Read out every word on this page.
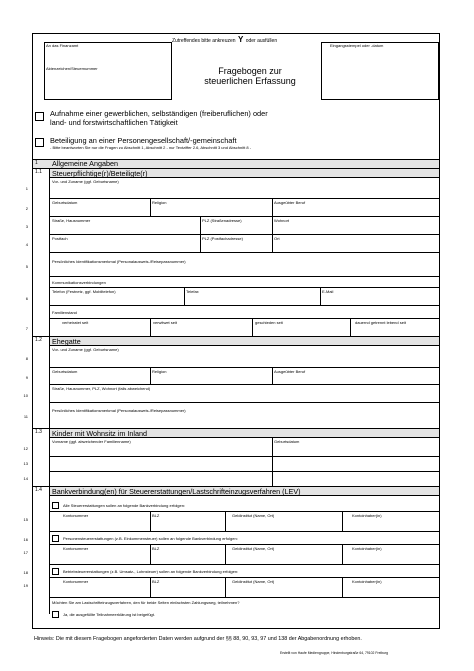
Zutreffendes bitte ankreuzen Y oder ausfüllen
An das Finanzamt
Aktenzeichen/Steuernummer
Eingangsstempel oder -datum
Fragebogen zur
steuerlichen Erfassung
Aufnahme einer gewerblichen, selbständigen (freiberuflichen) oder
land- und forstwirtschaftlichen Tätigkeit
Beteiligung an einer Personengesellschaft/-gemeinschaft
- Bitte beantworten Sie nur die Fragen zu Abschnitt 1, Abschnitt 2 - nur Textziffer 2.6, Abschnitt 3 und Abschnitt 8 -
1 Allgemeine Angaben
1.1 Steuerpflichtige(r)/Beteiligte(r)
Vor- und Zuname (ggf. Geburtsname)
Geburtsdatum	Religion	Ausgeübter Beruf
Straße, Hausnummer	PLZ (Straßenadresse)	Wohnort
Postfach	PLZ (Postfachadresse)	Ort
Persönliches Identifikationsmerkmal (Personalausweis-/Reisepassnummer)
Kommunikationsverbindungen
Telefon (Festnetz, ggf. Mobiltelefon)	Telefax	E-Mail
Familienstand
verheiratet seit	verwitwet seit	geschieden seit	dauernd getrennt lebend seit
1.2 Ehegatte
Vor- und Zuname (ggf. Geburtsname)
Geburtsdatum	Religion	Ausgeübter Beruf
Straße, Hausnummer, PLZ, Wohnort (falls abweichend)
Persönliches Identifikationsmerkmal (Personalausweis-/Reisepassnummer)
1.3 Kinder mit Wohnsitz im Inland
Vorname (ggf. abweichender Familienname)	Geburtsdatum
1.4 Bankverbindung(en) für Steuererstattungen/Lastschrifteinzugsverfahren (LEV)
Alle Steuererstattungen sollen an folgende Bankverbindung erfolgen:
Kontonummer	BLZ	Geldinstitut (Name, Ort)	Kontoinhaber(in)
Personensteuererstattungen (z.B. Einkommensteuer) sollen an folgende Bankverbindung erfolgen:
Kontonummer	BLZ	Geldinstitut (Name, Ort)	Kontoinhaber(in)
Betriebsteuererstattungen (z.B. Umsatz-, Lohnsteuer) sollen an folgende Bankverbindung erfolgen:
Kontonummer	BLZ	Geldinstitut (Name, Ort)	Kontoinhaber(in)
Möchten Sie am Lastschrifteinzugsverfahren, den für beide Seiten einfachsten Zahlungsweg, teilnehmen?
Ja, die ausgefüllte Teilnahmeerklärung ist beigefügt.
1
2
3
4
5
6
7
8
9
10
11
12
13
14
15
16
17
18
19
Hinweis: Die mit diesem Fragebogen angeforderten Daten werden aufgrund der §§ 88, 90, 93, 97 und 138 der Abgabenordnung erhoben.
Erstellt von Haufe Mediengruppe, Hindenburgstraße 64, 79102 Freiburg
